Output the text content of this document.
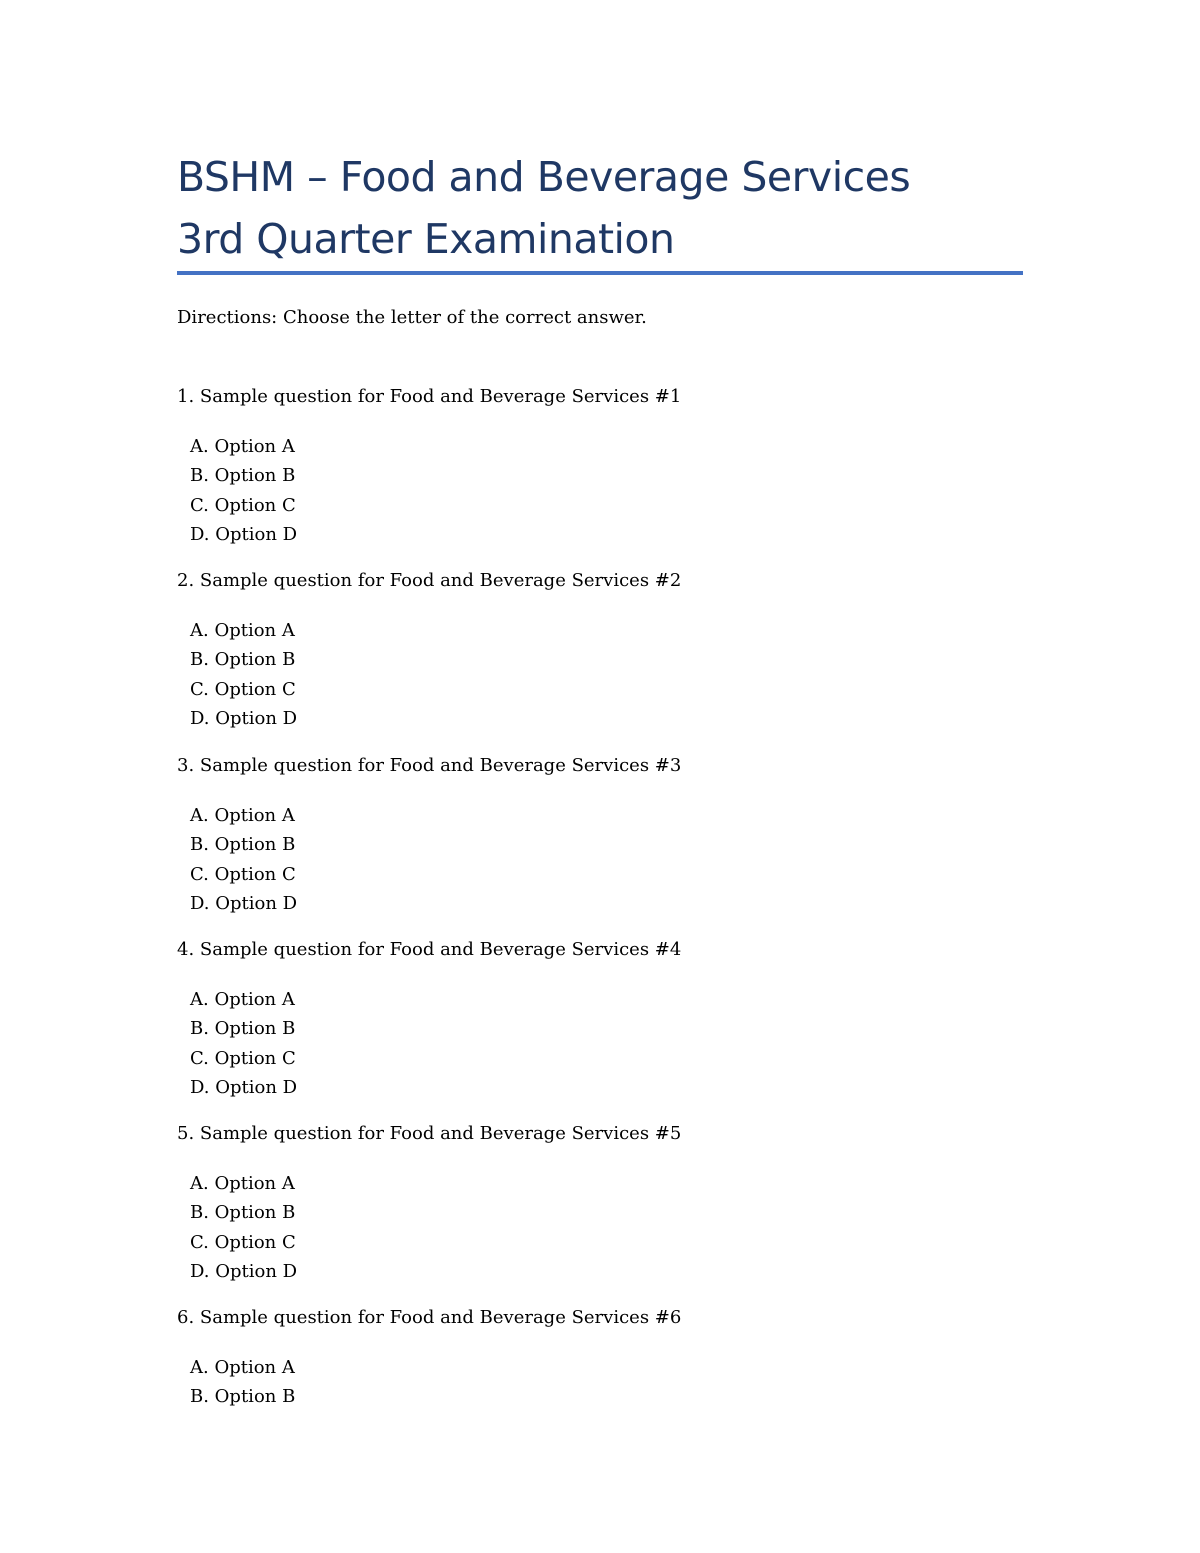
BSHM – Food and Beverage Services
3rd Quarter Examination
Directions: Choose the letter of the correct answer.
1. Sample question for Food and Beverage Services #1
A. Option A
B. Option B
C. Option C
D. Option D
2. Sample question for Food and Beverage Services #2
A. Option A
B. Option B
C. Option C
D. Option D
3. Sample question for Food and Beverage Services #3
A. Option A
B. Option B
C. Option C
D. Option D
4. Sample question for Food and Beverage Services #4
A. Option A
B. Option B
C. Option C
D. Option D
5. Sample question for Food and Beverage Services #5
A. Option A
B. Option B
C. Option C
D. Option D
6. Sample question for Food and Beverage Services #6
A. Option A
B. Option B
